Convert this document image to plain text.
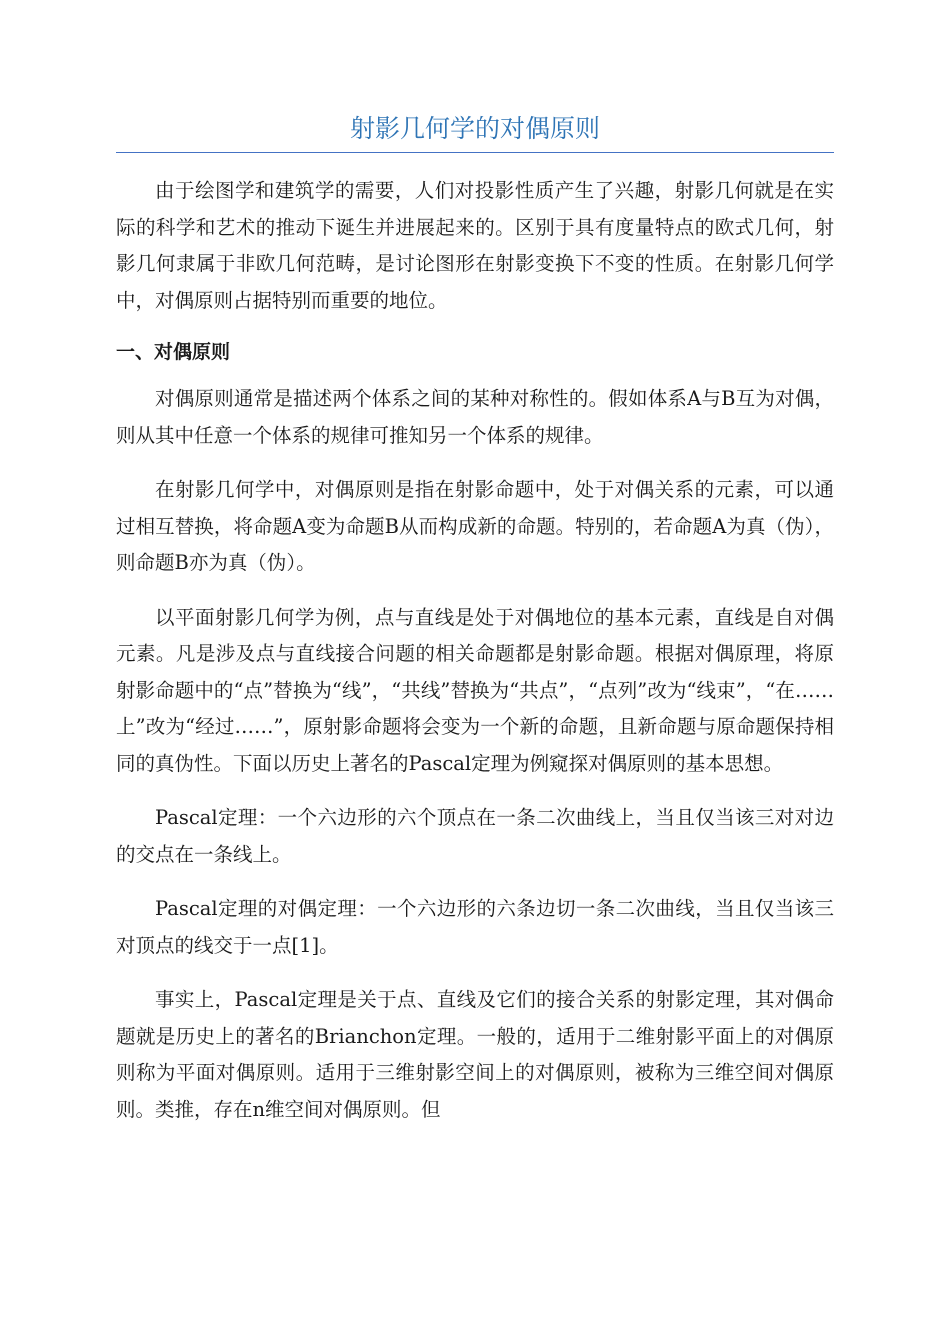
射影几何学的对偶原则

由于绘图学和建筑学的需要，人们对投影性质产生了兴趣，射影几何就是在实际的科学和艺术的推动下诞生并进展起来的。区别于具有度量特点的欧式几何，射影几何隶属于非欧几何范畴，是讨论图形在射影变换下不变的性质。在射影几何学中，对偶原则占据特别而重要的地位。

一、对偶原则

对偶原则通常是描述两个体系之间的某种对称性的。假如体系A与B互为对偶，则从其中任意一个体系的规律可推知另一个体系的规律。

在射影几何学中，对偶原则是指在射影命题中，处于对偶关系的元素，可以通过相互替换，将命题A变为命题B从而构成新的命题。特别的，若命题A为真（伪），则命题B亦为真（伪）。

以平面射影几何学为例，点与直线是处于对偶地位的基本元素，直线是自对偶元素。凡是涉及点与直线接合问题的相关命题都是射影命题。根据对偶原理，将原射影命题中的“点”替换为“线”，“共线”替换为“共点”，“点列”改为“线束”，“在……上”改为“经过……”，原射影命题将会变为一个新的命题，且新命题与原命题保持相同的真伪性。下面以历史上著名的Pascal定理为例窥探对偶原则的基本思想。

Pascal定理：一个六边形的六个顶点在一条二次曲线上，当且仅当该三对对边的交点在一条线上。

Pascal定理的对偶定理：一个六边形的六条边切一条二次曲线，当且仅当该三对顶点的线交于一点[1]。

事实上，Pascal定理是关于点、直线及它们的接合关系的射影定理，其对偶命题就是历史上的著名的Brianchon定理。一般的，适用于二维射影平面上的对偶原则称为平面对偶原则。适用于三维射影空间上的对偶原则，被称为三维空间对偶原则。类推，存在n维空间对偶原则。但
